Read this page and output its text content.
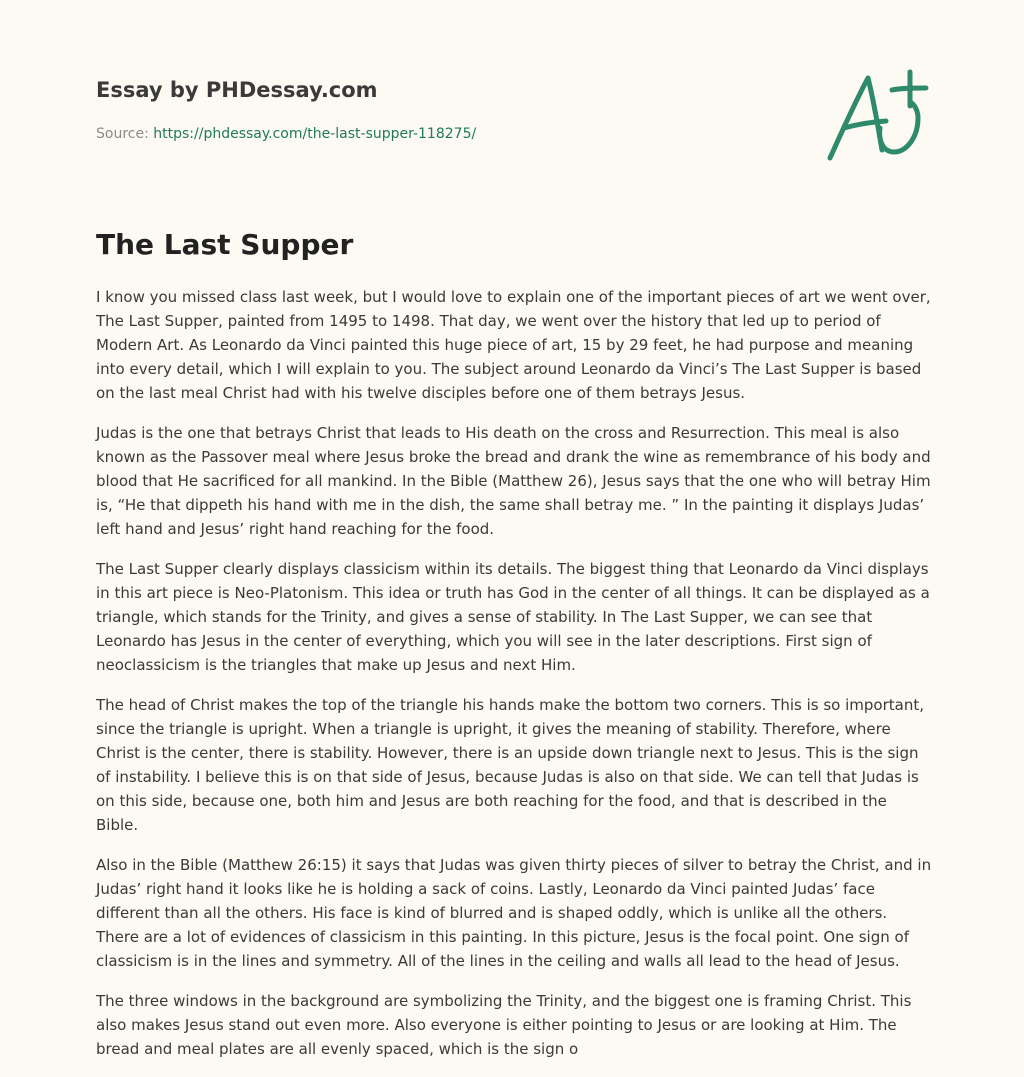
Essay by PHDessay.com
Source: https://phdessay.com/the-last-supper-118275/
The Last Supper

I know you missed class last week, but I would love to explain one of the important pieces of art we went over, The Last Supper, painted from 1495 to 1498. That day, we went over the history that led up to period of Modern Art. As Leonardo da Vinci painted this huge piece of art, 15 by 29 feet, he had purpose and meaning into every detail, which I will explain to you. The subject around Leonardo da Vinci’s The Last Supper is based on the last meal Christ had with his twelve disciples before one of them betrays Jesus.

Judas is the one that betrays Christ that leads to His death on the cross and Resurrection. This meal is also known as the Passover meal where Jesus broke the bread and drank the wine as remembrance of his body and blood that He sacrificed for all mankind. In the Bible (Matthew 26), Jesus says that the one who will betray Him is, “He that dippeth his hand with me in the dish, the same shall betray me. ” In the painting it displays Judas’ left hand and Jesus’ right hand reaching for the food.

The Last Supper clearly displays classicism within its details. The biggest thing that Leonardo da Vinci displays in this art piece is Neo-Platonism. This idea or truth has God in the center of all things. It can be displayed as a triangle, which stands for the Trinity, and gives a sense of stability. In The Last Supper, we can see that Leonardo has Jesus in the center of everything, which you will see in the later descriptions. First sign of neoclassicism is the triangles that make up Jesus and next Him.

The head of Christ makes the top of the triangle his hands make the bottom two corners. This is so important, since the triangle is upright. When a triangle is upright, it gives the meaning of stability. Therefore, where Christ is the center, there is stability. However, there is an upside down triangle next to Jesus. This is the sign of instability. I believe this is on that side of Jesus, because Judas is also on that side. We can tell that Judas is on this side, because one, both him and Jesus are both reaching for the food, and that is described in the Bible.

Also in the Bible (Matthew 26:15) it says that Judas was given thirty pieces of silver to betray the Christ, and in Judas’ right hand it looks like he is holding a sack of coins. Lastly, Leonardo da Vinci painted Judas’ face different than all the others. His face is kind of blurred and is shaped oddly, which is unlike all the others. There are a lot of evidences of classicism in this painting. In this picture, Jesus is the focal point. One sign of classicism is in the lines and symmetry. All of the lines in the ceiling and walls all lead to the head of Jesus.

The three windows in the background are symbolizing the Trinity, and the biggest one is framing Christ. This also makes Jesus stand out even more. Also everyone is either pointing to Jesus or are looking at Him. The bread and meal plates are all evenly spaced, which is the sign o
